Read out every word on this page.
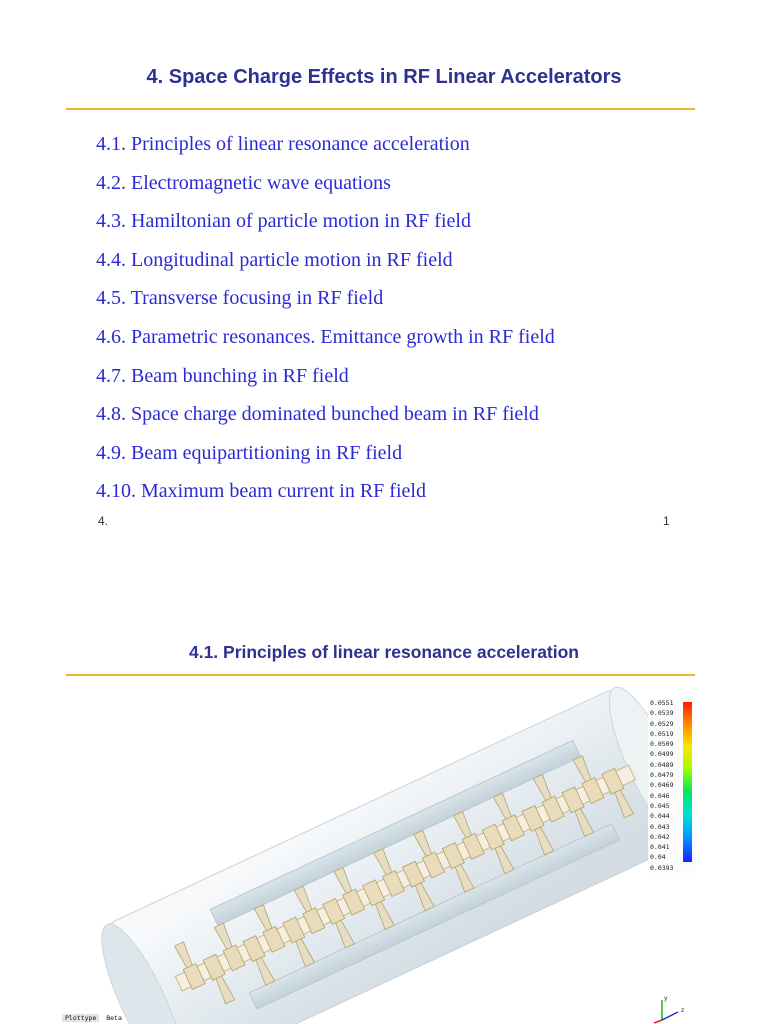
4. Space Charge Effects in RF Linear Accelerators
4.1. Principles of linear resonance acceleration
4.2. Electromagnetic wave equations
4.3. Hamiltonian of particle motion in RF field
4.4. Longitudinal particle motion in RF field
4.5. Transverse focusing in RF field
4.6. Parametric resonances. Emittance growth in RF field
4.7. Beam bunching in RF field
4.8. Space charge dominated bunched beam in RF field
4.9. Beam equipartitioning in RF field
4.10. Maximum beam current in RF field
4.	1
4.1. Principles of linear resonance acceleration
0.0551
0.0539
0.0529
0.0519
0.0509
0.0499
0.0489
0.0479
0.0469
0.046
0.045
0.044
0.043
0.042
0.041
0.04
0.0393
Plottype Beta
y
z
